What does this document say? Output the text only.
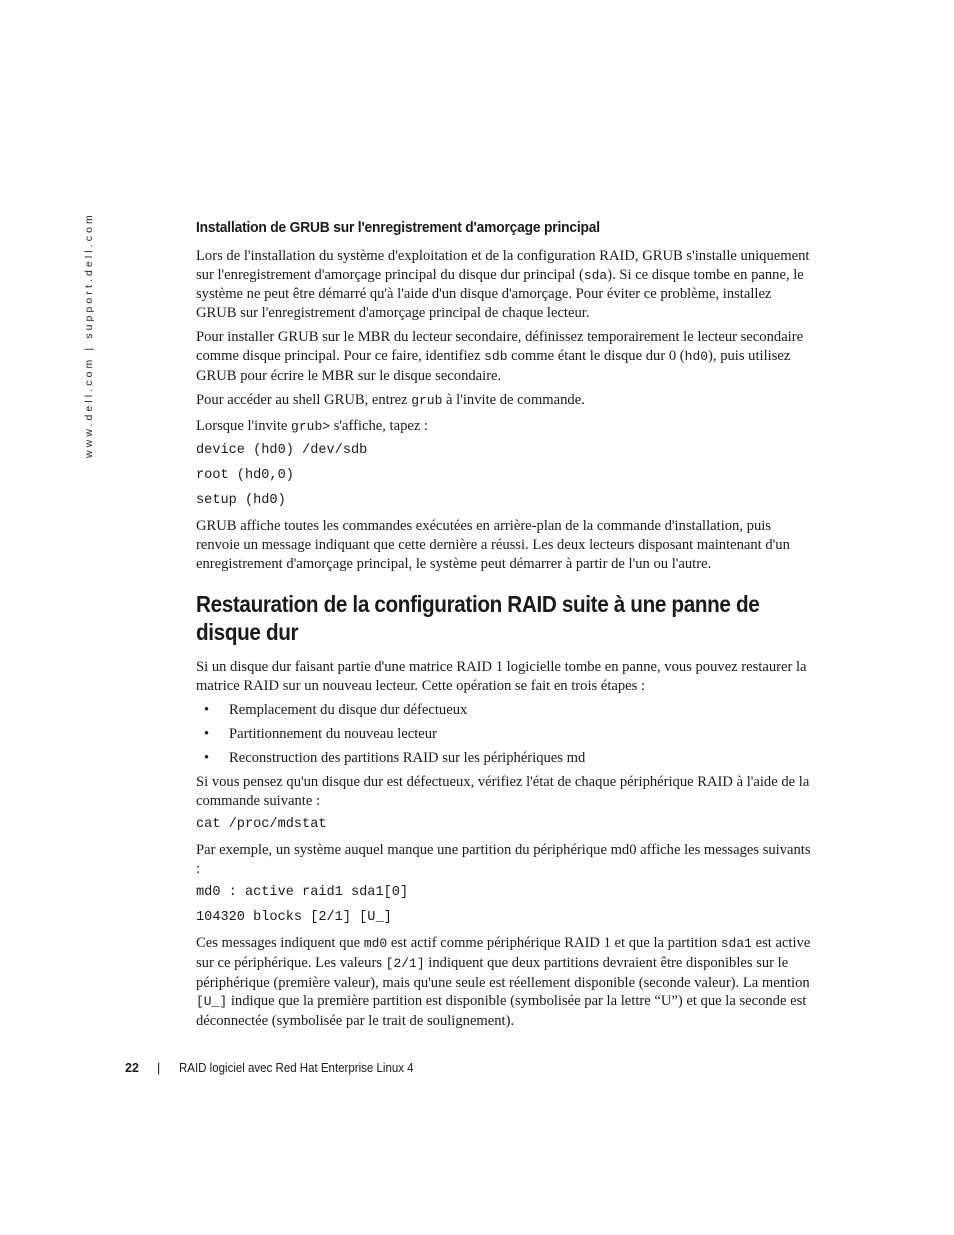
www.dell.com | support.dell.com	Installation de GRUB sur l'enregistrement d'amorçage principal

Lors de l'installation du système d'exploitation et de la configuration RAID, GRUB s'installe uniquement sur l'enregistrement d'amorçage principal du disque dur principal (sda). Si ce disque tombe en panne, le système ne peut être démarré qu'à l'aide d'un disque d'amorçage. Pour éviter ce problème, installez GRUB sur l'enregistrement d'amorçage principal de chaque lecteur.

Pour installer GRUB sur le MBR du lecteur secondaire, définissez temporairement le lecteur secondaire comme disque principal. Pour ce faire, identifiez sdb comme étant le disque dur 0 (hd0), puis utilisez GRUB pour écrire le MBR sur le disque secondaire.

Pour accéder au shell GRUB, entrez grub à l'invite de commande.

Lorsque l'invite grub> s'affiche, tapez :

device (hd0) /dev/sdb
root (hd0,0)
setup (hd0)

GRUB affiche toutes les commandes exécutées en arrière-plan de la commande d'installation, puis renvoie un message indiquant que cette dernière a réussi. Les deux lecteurs disposant maintenant d'un enregistrement d'amorçage principal, le système peut démarrer à partir de l'un ou l'autre.

Restauration de la configuration RAID suite à une panne de disque dur

Si un disque dur faisant partie d'une matrice RAID 1 logicielle tombe en panne, vous pouvez restaurer la matrice RAID sur un nouveau lecteur. Cette opération se fait en trois étapes :

• Remplacement du disque dur défectueux
• Partitionnement du nouveau lecteur
• Reconstruction des partitions RAID sur les périphériques md

Si vous pensez qu'un disque dur est défectueux, vérifiez l'état de chaque périphérique RAID à l'aide de la commande suivante :

cat /proc/mdstat

Par exemple, un système auquel manque une partition du périphérique md0 affiche les messages suivants :

md0 : active raid1 sda1[0]
104320 blocks [2/1] [U_]

Ces messages indiquent que md0 est actif comme périphérique RAID 1 et que la partition sda1 est active sur ce périphérique. Les valeurs [2/1] indiquent que deux partitions devraient être disponibles sur le périphérique (première valeur), mais qu'une seule est réellement disponible (seconde valeur). La mention [U_] indique que la première partition est disponible (symbolisée par la lettre “U”) et que la seconde est déconnectée (symbolisée par le trait de soulignement).

22 | RAID logiciel avec Red Hat Enterprise Linux 4
